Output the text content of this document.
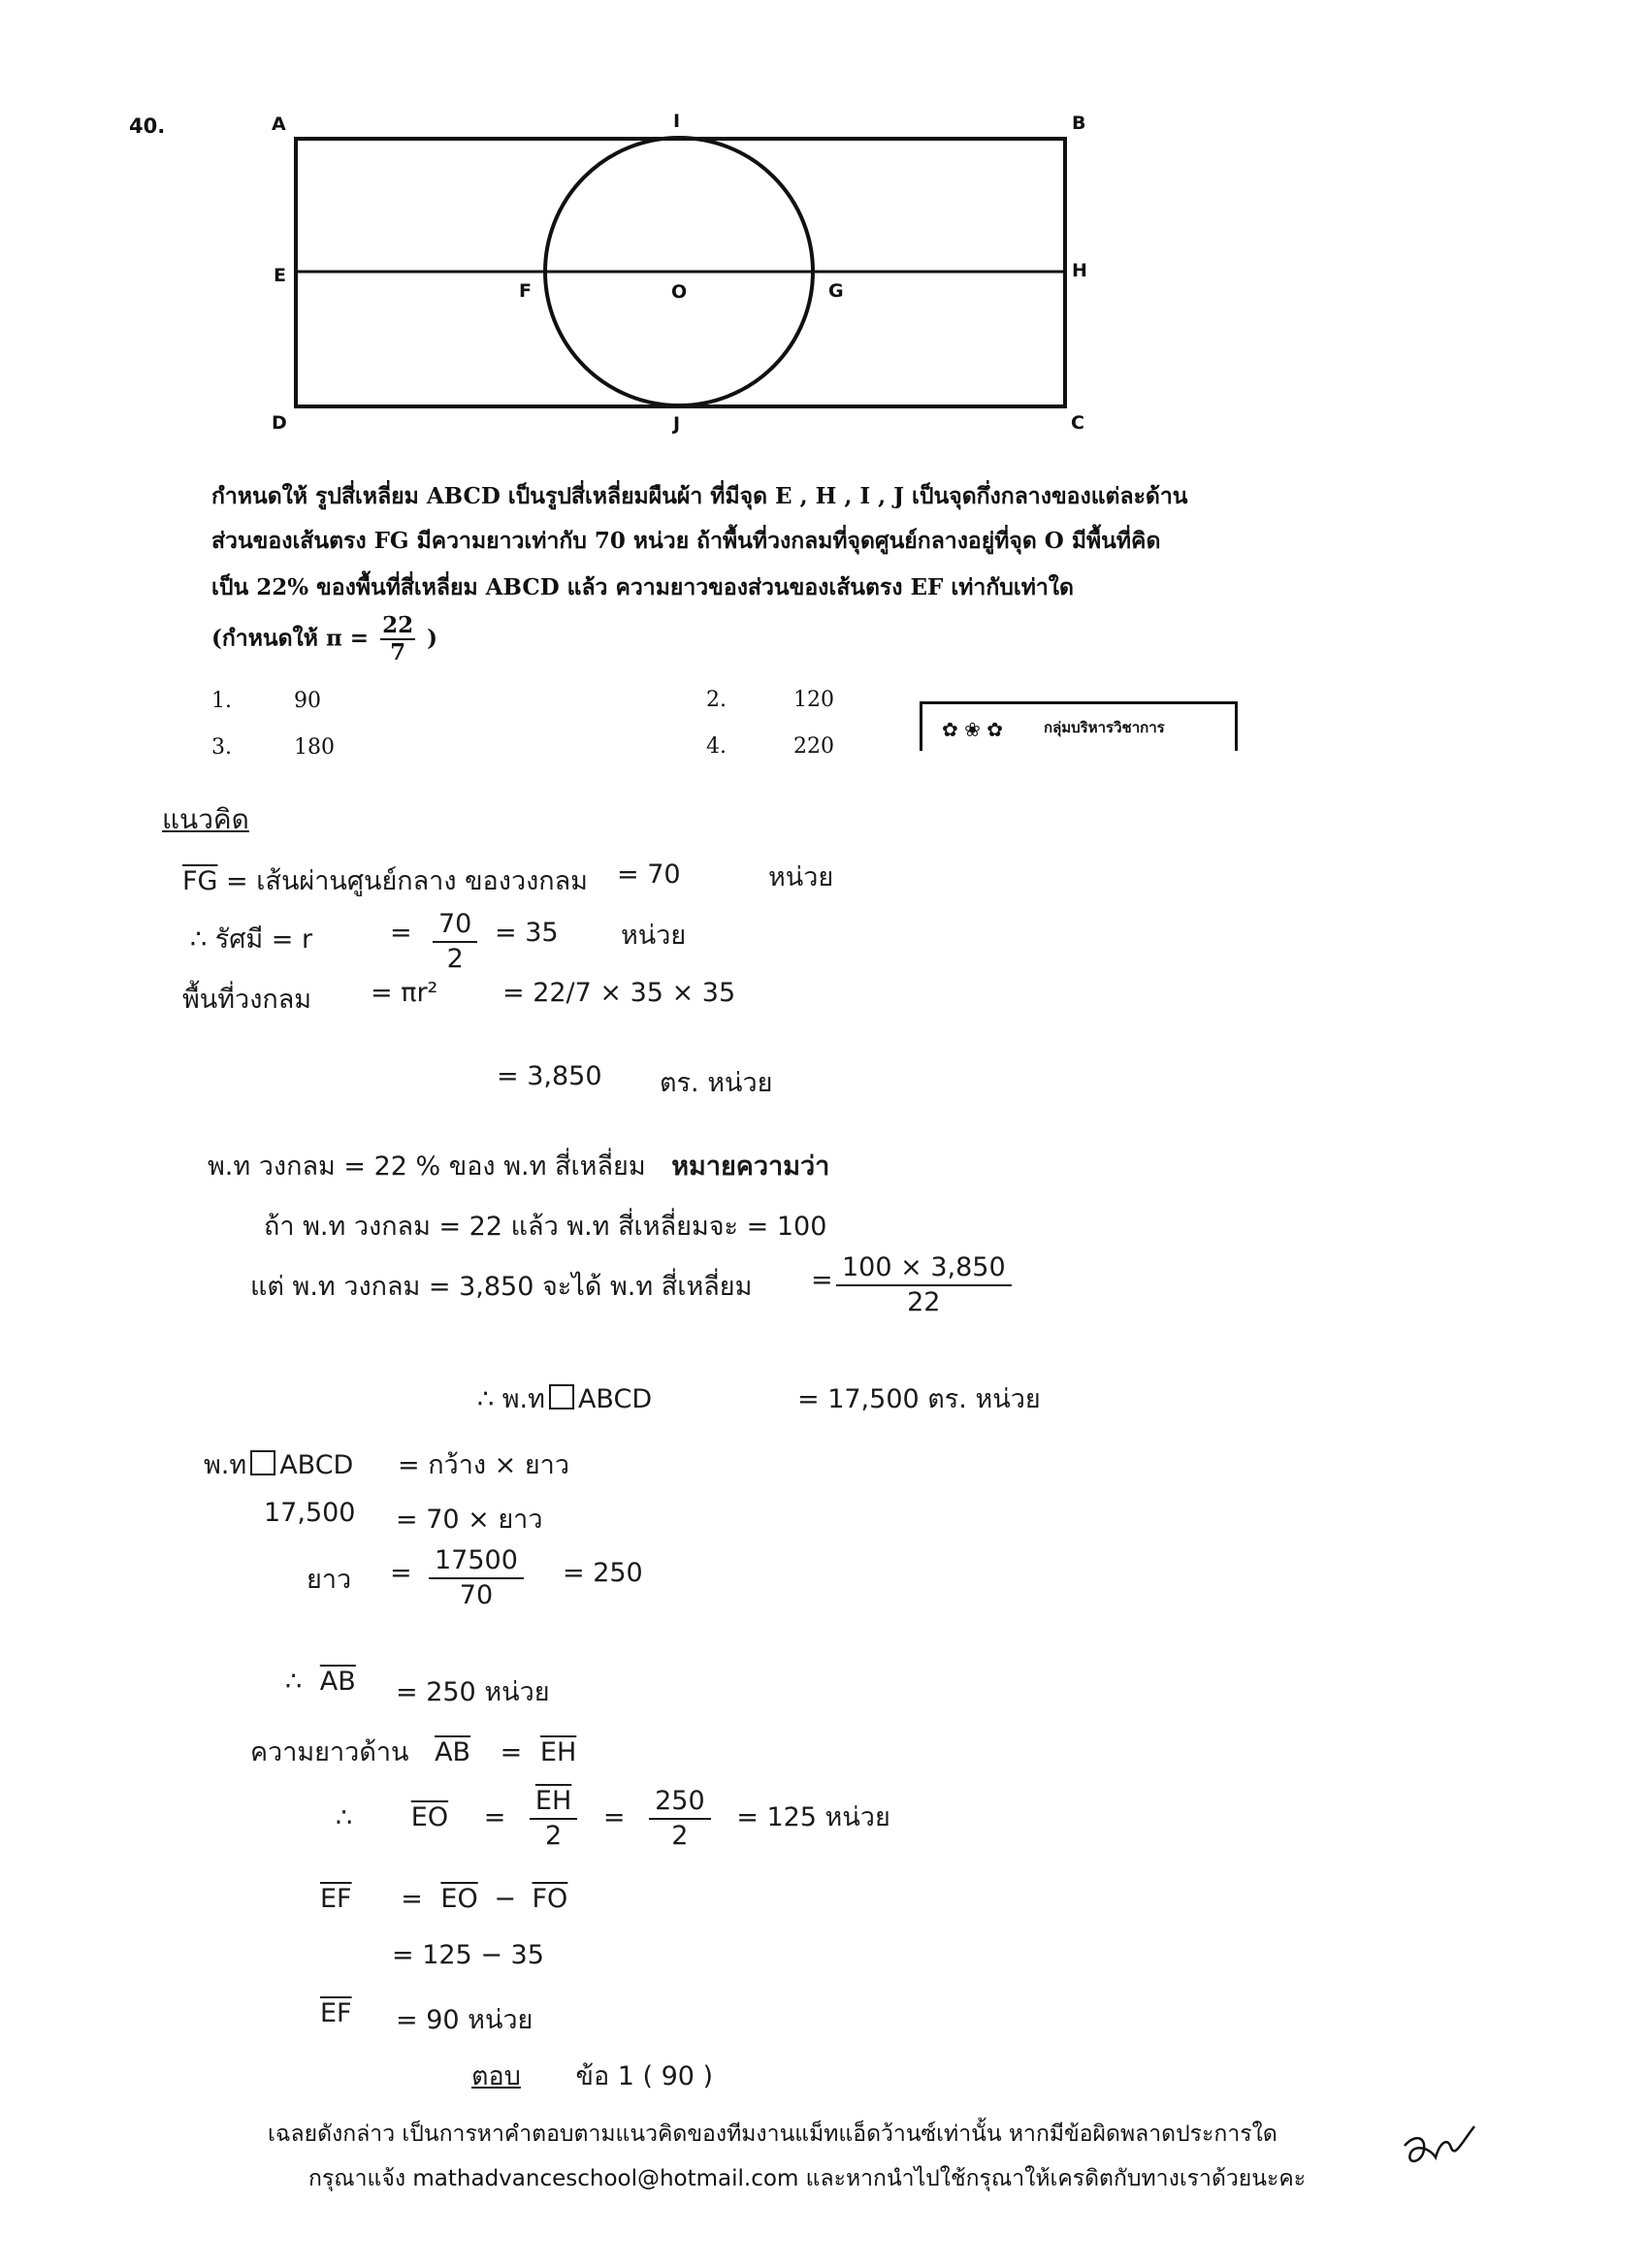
40.	A	I	B
E	H
F	O	G
D	J	C
กำหนดให้ รูปสี่เหลี่ยม ABCD เป็นรูปสี่เหลี่ยมผืนผ้า ที่มีจุด E , H , I , J เป็นจุดกึ่งกลางของแต่ละด้าน
ส่วนของเส้นตรง FG มีความยาวเท่ากับ 70 หน่วย ถ้าพื้นที่วงกลมที่จุดศูนย์กลางอยู่ที่จุด O มีพื้นที่คิด
เป็น 22% ของพื้นที่สี่เหลี่ยม ABCD แล้ว ความยาวของส่วนของเส้นตรง EF เท่ากับเท่าใด
(กำหนดให้ $\pi = \frac{22}{7}$ )
1.	90	2.	120
3.	180	4.	220
✿ ❀ ✿	กลุ่มบริหารวิชาการ
แนวคิด
$\overline{FG}$ = เส้นผ่านศูนย์กลาง ของวงกลม = 70	หน่วย
∴ รัศมี = r	= $\frac{70}{2} = 35$ หน่วย
พื้นที่วงกลม = πr² = 22/7 × 35 × 35
= 3,850 ตร. หน่วย
พ.ท วงกลม = 22 % ของ พ.ท สี่เหลี่ยม หมายความว่า
ถ้า พ.ท วงกลม = 22 แล้ว พ.ท สี่เหลี่ยมจะ = 100
แต่ พ.ท วงกลม = 3,850 จะได้ พ.ท สี่เหลี่ยม = $\frac{100 \times 3,850}{22}$
∴ พ.ท ABCD	= 17,500 ตร. หน่วย
พ.ท ABCD = กว้าง × ยาว
17,500 = 70 × ยาว
ยาว = $\frac{17500}{70} = 250$
∴ $\overline{AB} = 250$ หน่วย
ความยาวด้าน $\overline{AB} = \overline{EH}$
∴ $\overline{EO} = \frac{\overline{EH}}{2} = \frac{250}{2} = 125$ หน่วย
$\overline{EF} = \overline{EO} - \overline{FO}$
= 125 − 35
$\overline{EF} = 90$ หน่วย
ตอบ ข้อ 1 ( 90 )
เฉลยดังกล่าว เป็นการหาคำตอบตามแนวคิดของทีมงานแม็ทแอ็ดว้านซ์เท่านั้น หากมีข้อผิดพลาดประการใด
กรุณาแจ้ง mathadvanceschool@hotmail.com และหากนำไปใช้กรุณาให้เครดิตกับทางเราด้วยนะคะ
